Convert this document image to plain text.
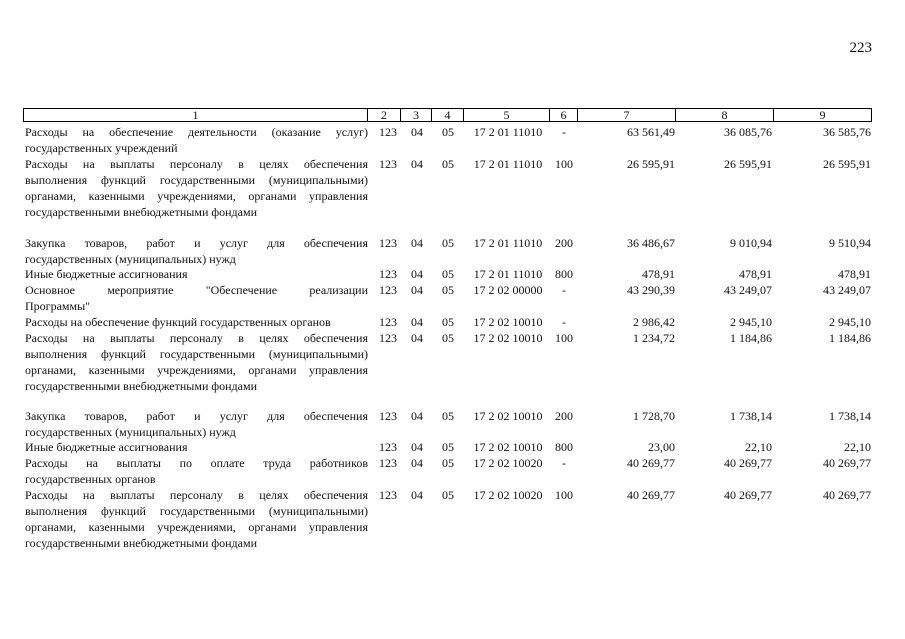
223
1	2	3	4	5	6	7	8	9
Расходы на обеспечение деятельности (оказание услуг)
государственных учреждений
123	04	05	17 2 01 11010	-	63 561,49	36 085,76	36 585,76
Расходы на выплаты персоналу в целях обеспечения
выполнения функций государственными (муниципальными)
органами, казенными учреждениями, органами управления
государственными внебюджетными фондами
123	04	05	17 2 01 11010	100	26 595,91	26 595,91	26 595,91
Закупка товаров, работ и услуг для обеспечения
государственных (муниципальных) нужд
123	04	05	17 2 01 11010	200	36 486,67	9 010,94	9 510,94
Иные бюджетные ассигнования	123	04	05	17 2 01 11010	800	478,91	478,91	478,91
Основное мероприятие "Обеспечение реализации
Программы"
123	04	05	17 2 02 00000	-	43 290,39	43 249,07	43 249,07
Расходы на обеспечение функций государственных органов	123	04	05	17 2 02 10010	-	2 986,42	2 945,10	2 945,10
Расходы на выплаты персоналу в целях обеспечения
выполнения функций государственными (муниципальными)
органами, казенными учреждениями, органами управления
государственными внебюджетными фондами
123	04	05	17 2 02 10010	100	1 234,72	1 184,86	1 184,86
Закупка товаров, работ и услуг для обеспечения
государственных (муниципальных) нужд
123	04	05	17 2 02 10010	200	1 728,70	1 738,14	1 738,14
Иные бюджетные ассигнования	123	04	05	17 2 02 10010	800	23,00	22,10	22,10
Расходы на выплаты по оплате труда работников
государственных органов
123	04	05	17 2 02 10020	-	40 269,77	40 269,77	40 269,77
Расходы на выплаты персоналу в целях обеспечения
выполнения функций государственными (муниципальными)
органами, казенными учреждениями, органами управления
государственными внебюджетными фондами
123	04	05	17 2 02 10020	100	40 269,77	40 269,77	40 269,77
